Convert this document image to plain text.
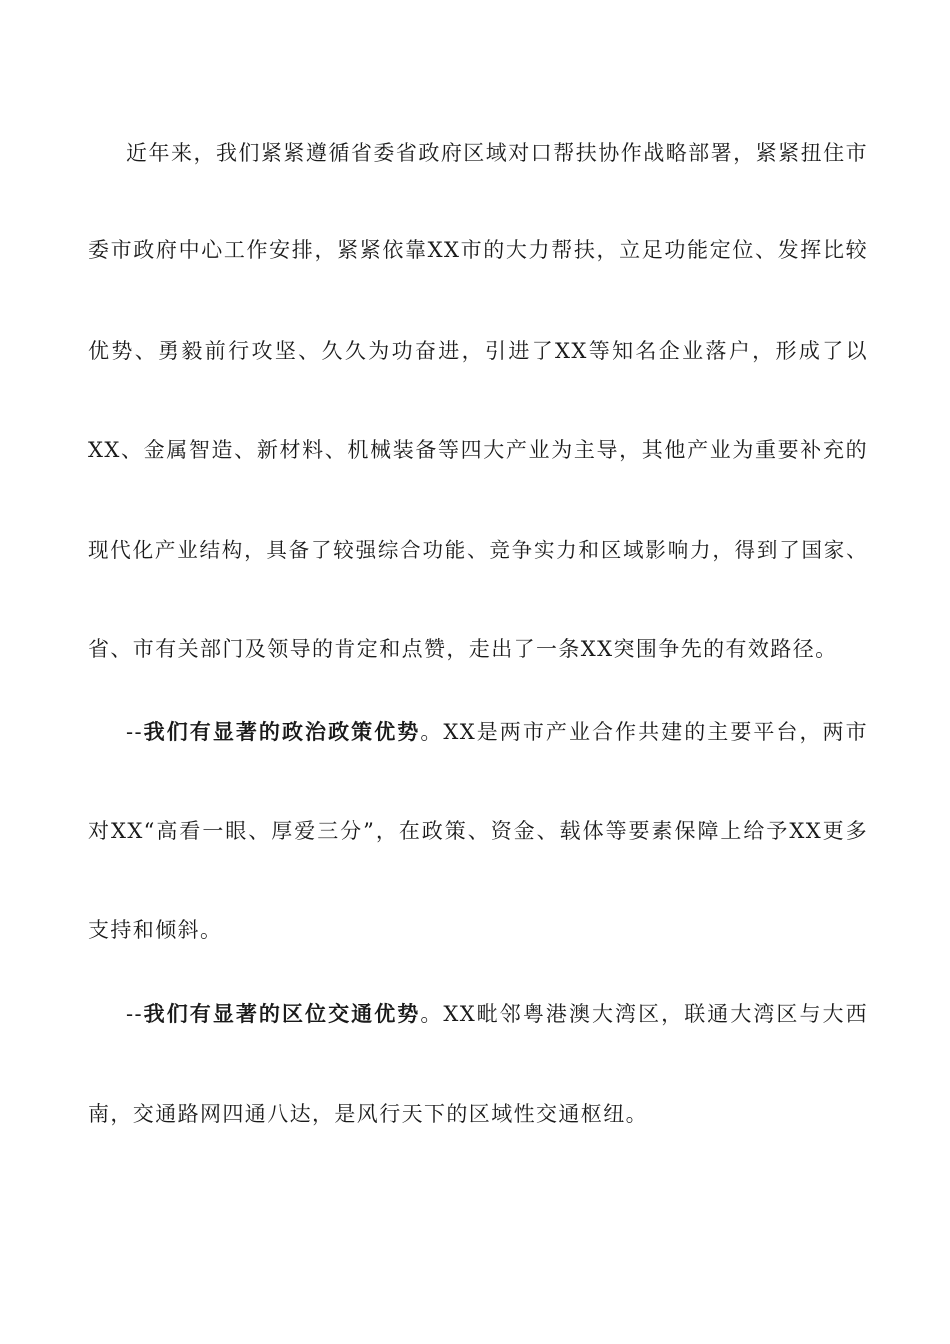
近年来，我们紧紧遵循省委省政府区域对口帮扶协作战略部署，紧紧扭住市
委市政府中心工作安排，紧紧依靠XX市的大力帮扶，立足功能定位、发挥比较
优势、勇毅前行攻坚、久久为功奋进，引进了XX等知名企业落户，形成了以
XX、金属智造、新材料、机械装备等四大产业为主导，其他产业为重要补充的
现代化产业结构，具备了较强综合功能、竞争实力和区域影响力，得到了国家、
省、市有关部门及领导的肯定和点赞，走出了一条XX突围争先的有效路径。
--我们有显著的政治政策优势。XX是两市产业合作共建的主要平台，两市
对XX“高看一眼、厚爱三分”，在政策、资金、载体等要素保障上给予XX更多
支持和倾斜。
--我们有显著的区位交通优势。XX毗邻粤港澳大湾区，联通大湾区与大西
南，交通路网四通八达，是风行天下的区域性交通枢纽。
